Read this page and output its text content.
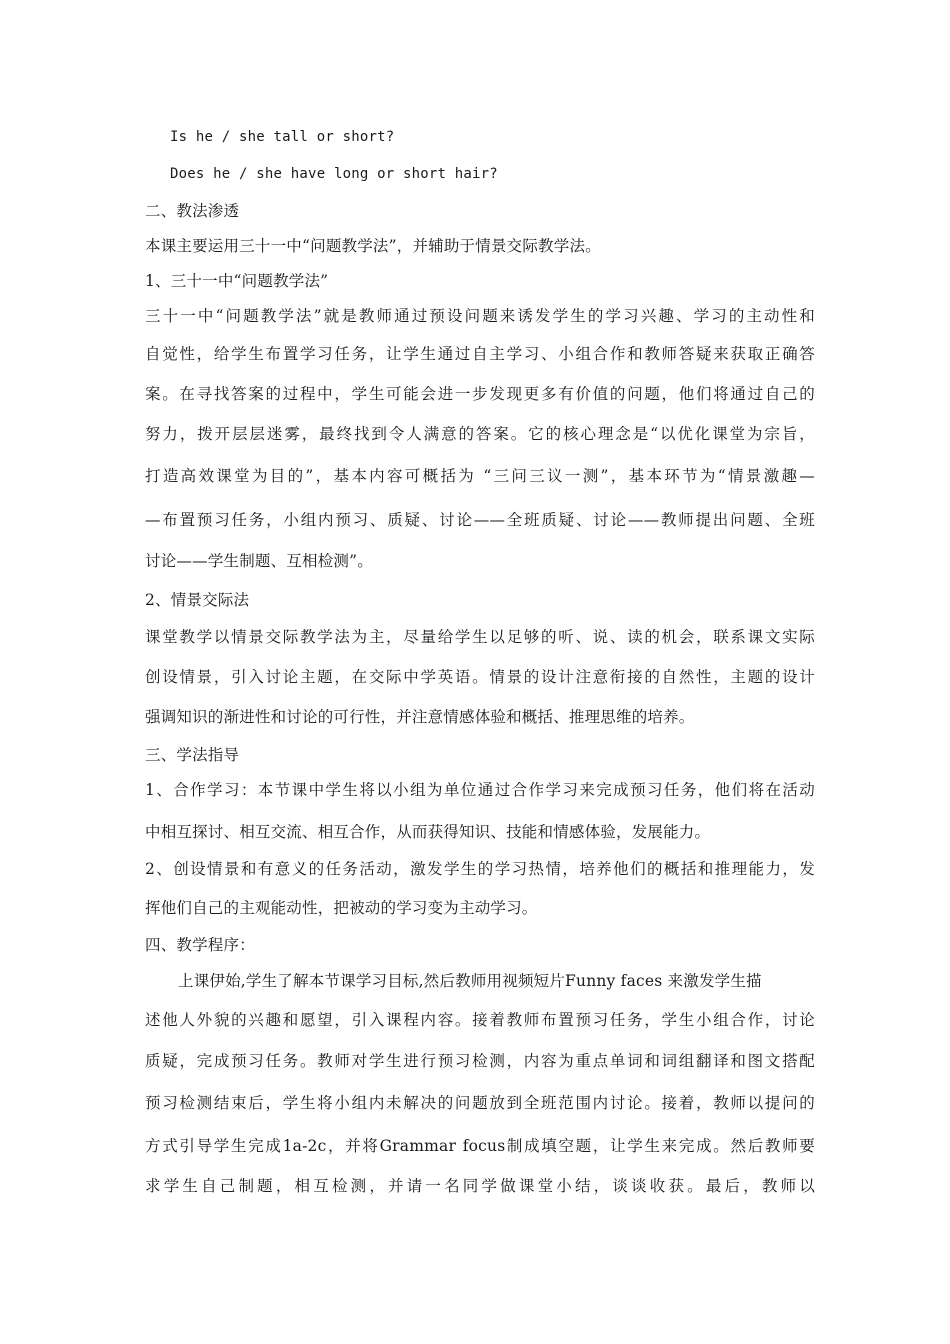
Is he / she tall or short?
Does he / she have long or short hair?
二、教法渗透
本课主要运用三十一中“问题教学法”，并辅助于情景交际教学法。
1、三十一中“问题教学法”
三十一中“问题教学法”就是教师通过预设问题来诱发学生的学习兴趣、学习的主动性和
自觉性，给学生布置学习任务，让学生通过自主学习、小组合作和教师答疑来获取正确答
案。在寻找答案的过程中，学生可能会进一步发现更多有价值的问题，他们将通过自己的
努力，拨开层层迷雾，最终找到令人满意的答案。它的核心理念是“以优化课堂为宗旨，
打造高效课堂为目的”，基本内容可概括为 “三问三议一测”，基本环节为“情景激趣—
—布置预习任务，小组内预习、质疑、讨论——全班质疑、讨论——教师提出问题、全班
讨论——学生制题、互相检测”。
2、情景交际法
课堂教学以情景交际教学法为主，尽量给学生以足够的听、说、读的机会，联系课文实际
创设情景，引入讨论主题，在交际中学英语。情景的设计注意衔接的自然性，主题的设计
强调知识的渐进性和讨论的可行性，并注意情感体验和概括、推理思维的培养。
三、学法指导
1、合作学习：本节课中学生将以小组为单位通过合作学习来完成预习任务，他们将在活动
中相互探讨、相互交流、相互合作，从而获得知识、技能和情感体验，发展能力。
2、创设情景和有意义的任务活动，激发学生的学习热情，培养他们的概括和推理能力，发
挥他们自己的主观能动性，把被动的学习变为主动学习。
四、教学程序：
上课伊始,学生了解本节课学习目标,然后教师用视频短片Funny faces 来激发学生描
述他人外貌的兴趣和愿望，引入课程内容。接着教师布置预习任务，学生小组合作，讨论
质疑，完成预习任务。教师对学生进行预习检测，内容为重点单词和词组翻译和图文搭配
预习检测结束后，学生将小组内未解决的问题放到全班范围内讨论。接着，教师以提问的
方式引导学生完成1a-2c，并将Grammar focus制成填空题，让学生来完成。然后教师要
求学生自己制题，相互检测，并请一名同学做课堂小结，谈谈收获。最后，教师以
